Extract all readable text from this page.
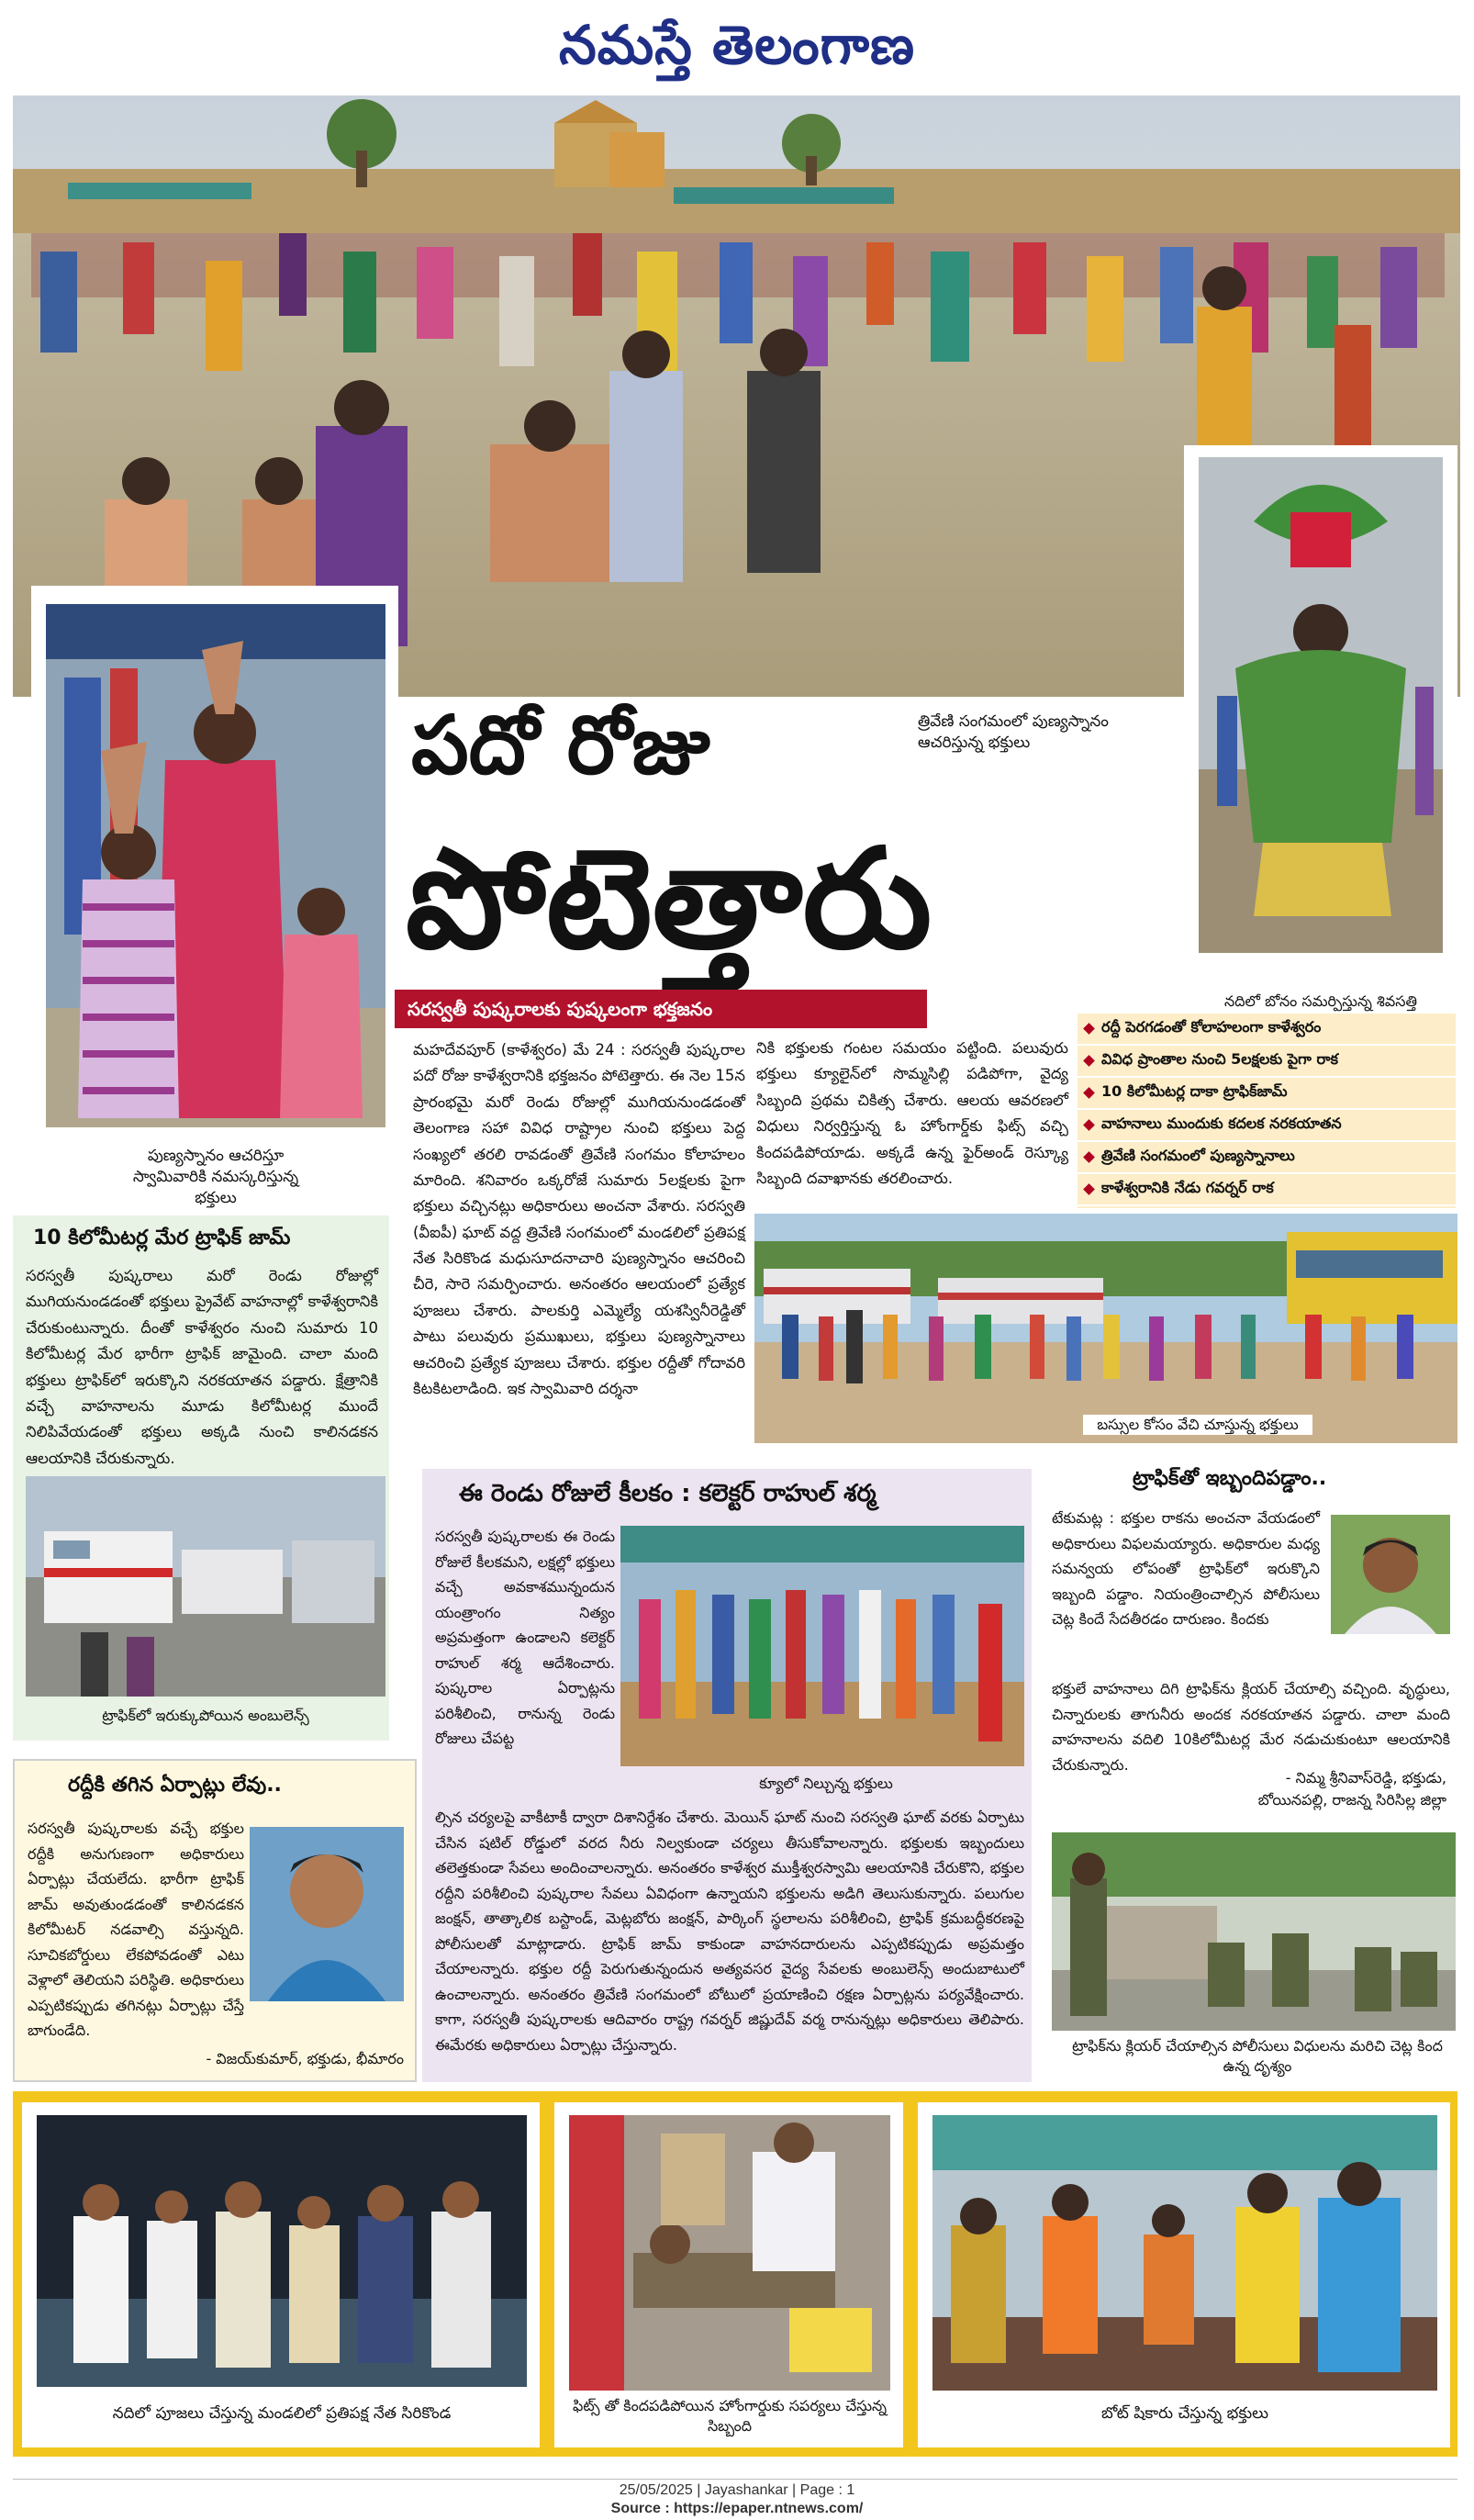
నమస్తే తెలంగాణ
పుణ్యస్నానం ఆచరిస్తూ స్వామివారికి నమస్కరిస్తున్న భక్తులు
నదిలో బోనం సమర్పిస్తున్న శివసత్తి
పదో రోజు	త్రివేణి సంగమంలో పుణ్యస్నానం ఆచరిస్తున్న భక్తులు
పోటెత్తారు
సరస్వతీ పుష్కరాలకు పుష్కలంగా భక్తజనం
రద్దీ పెరగడంతో కోలాహలంగా కాళేశ్వరం
వివిధ ప్రాంతాల నుంచి 5లక్షలకు పైగా రాక
10 కిలోమీటర్ల దాకా ట్రాఫిక్‌జామ్
వాహనాలు ముందుకు కదలక నరకయాతన
త్రివేణి సంగమంలో పుణ్యస్నానాలు
కాళేశ్వరానికి నేడు గవర్నర్ రాక
మహదేవపూర్ (కాళేశ్వరం) మే 24 : సరస్వతీ పుష్కరాల పదో రోజు కాళేశ్వరానికి భక్తజనం పోటెత్తారు. ఈ నెల 15న ప్రారంభమై మరో రెండు రోజుల్లో ముగియనుండడంతో తెలంగాణ సహా వివిధ రాష్ట్రాల నుంచి భక్తులు పెద్ద సంఖ్యలో తరలి రావడంతో త్రివేణి సంగమం కోలాహలం మారింది. శనివారం ఒక్కరోజే సుమారు 5లక్షలకు పైగా భక్తులు వచ్చినట్లు అధికారులు అంచనా వేశారు. సరస్వతి (వీఐపీ) ఘాట్ వద్ద త్రివేణి సంగమంలో మండలిలో ప్రతిపక్ష నేత సిరికొండ మధుసూదనాచారి పుణ్యస్నానం ఆచరించి చీరె, సారె సమర్పించారు. అనంతరం ఆలయంలో ప్రత్యేక పూజలు చేశారు. పాలకుర్తి ఎమ్మెల్యే యశస్వినీరెడ్డితో పాటు పలువురు ప్రముఖులు, భక్తులు పుణ్యస్నానాలు ఆచరించి ప్రత్యేక పూజలు చేశారు. భక్తుల రద్దీతో గోదావరి కిటకిటలాడింది. ఇక స్వామివారి దర్శనా
నికి భక్తులకు గంటల సమయం పట్టింది. పలువురు భక్తులు క్యూలైన్‌లో సొమ్మసిల్లి పడిపోగా, వైద్య సిబ్బంది ప్రథమ చికిత్స చేశారు. ఆలయ ఆవరణలో విధులు నిర్వర్తిస్తున్న ఓ హోంగార్డ్‌కు ఫిట్స్ వచ్చి కిందపడిపోయాడు. అక్కడే ఉన్న ఫైర్‌అండ్ రెస్క్యూ సిబ్బంది దవాఖానకు తరలించారు.
బస్సుల కోసం వేచి చూస్తున్న భక్తులు
10 కిలోమీటర్ల మేర ట్రాఫిక్ జామ్
సరస్వతీ పుష్కరాలు మరో రెండు రోజుల్లో ముగియనుండడంతో భక్తులు ప్రైవేట్ వాహనాల్లో కాళేశ్వరానికి చేరుకుంటున్నారు. దీంతో కాళేశ్వరం నుంచి సుమారు 10 కిలోమీటర్ల మేర భారీగా ట్రాఫిక్ జామైంది. చాలా మంది భక్తులు ట్రాఫిక్‌లో ఇరుక్కొని నరకయాతన పడ్డారు. క్షేత్రానికి వచ్చే వాహనాలను మూడు కిలోమీటర్ల ముందే నిలిపివేయడంతో భక్తులు అక్కడి నుంచి కాలినడకన ఆలయానికి చేరుకున్నారు.
ట్రాఫిక్‌లో ఇరుక్కుపోయిన అంబులెన్స్
రద్దీకి తగిన ఏర్పాట్లు లేవు..
సరస్వతీ పుష్కరాలకు వచ్చే భక్తుల రద్దీకి అనుగుణంగా అధికారులు ఏర్పాట్లు చేయలేదు. భారీగా ట్రాఫిక్ జామ్ అవుతుండడంతో కాలినడకన కిలోమీటర్ నడవాల్సి వస్తున్నది. సూచికబోర్డులు లేకపోవడంతో ఎటు వెళ్లాలో తెలియని పరిస్థితి. అధికారులు ఎప్పటికప్పుడు తగినట్లు ఏర్పాట్లు చేస్తే బాగుండేది.
- విజయ్‌కుమార్, భక్తుడు, భీమారం
ఈ రెండు రోజులే కీలకం : కలెక్టర్ రాహుల్ శర్మ
సరస్వతీ పుష్కరాలకు ఈ రెండు రోజులే కీలకమని, లక్షల్లో భక్తులు వచ్చే అవకాశమున్నందున యంత్రాంగం నిత్యం అప్రమత్తంగా ఉండాలని కలెక్టర్ రాహుల్ శర్మ ఆదేశించారు. పుష్కరాల ఏర్పాట్లను పరిశీలించి, రానున్న రెండు రోజులు చేపట్ట
క్యూలో నిల్చున్న భక్తులు
ల్సిన చర్యలపై వాకీటాకీ ద్వారా దిశానిర్దేశం చేశారు. మెయిన్ ఘాట్ నుంచి సరస్వతి ఘాట్ వరకు ఏర్పాటు చేసిన షటిల్ రోడ్డులో వరద నీరు నిల్వకుండా చర్యలు తీసుకోవాలన్నారు. భక్తులకు ఇబ్బందులు తలెత్తకుండా సేవలు అందించాలన్నారు. అనంతరం కాళేశ్వర ముక్తీశ్వరస్వామి ఆలయానికి చేరుకొని, భక్తుల రద్దీని పరిశీలించి పుష్కరాల సేవలు ఏవిధంగా ఉన్నాయని భక్తులను అడిగి తెలుసుకున్నారు. పలుగుల జంక్షన్, తాత్కాలిక బస్టాండ్, మెట్లబోరు జంక్షన్, పార్కింగ్ స్థలాలను పరిశీలించి, ట్రాఫిక్ క్రమబద్ధీకరణపై పోలీసులతో మాట్లాడారు. ట్రాఫిక్ జామ్ కాకుండా వాహనదారులను ఎప్పటికప్పుడు అప్రమత్తం చేయాలన్నారు. భక్తుల రద్దీ పెరుగుతున్నందున అత్యవసర వైద్య సేవలకు అంబులెన్స్ అందుబాటులో ఉంచాలన్నారు. అనంతరం త్రివేణి సంగమంలో బోటులో ప్రయాణించి రక్షణ ఏర్పాట్లను పర్యవేక్షించారు. కాగా, సరస్వతీ పుష్కరాలకు ఆదివారం రాష్ట్ర గవర్నర్ జిష్ణుదేవ్ వర్మ రానున్నట్లు అధికారులు తెలిపారు. ఈమేరకు అధికారులు ఏర్పాట్లు చేస్తున్నారు.
ట్రాఫిక్‌తో ఇబ్బందిపడ్డాం..
టేకుమట్ల : భక్తుల రాకను అంచనా వేయడంలో అధికారులు విఫలమయ్యారు. అధికారుల మధ్య సమన్వయ లోపంతో ట్రాఫిక్‌లో ఇరుక్కొని ఇబ్బంది పడ్డాం. నియంత్రించాల్సిన పోలీసులు చెట్ల కిందే సేదతీరడం దారుణం. కిందకు
భక్తులే వాహనాలు దిగి ట్రాఫిక్‌ను క్లియర్ చేయాల్సి వచ్చింది. వృద్ధులు, చిన్నారులకు తాగునీరు అందక నరకయాతన పడ్డారు. చాలా మంది వాహనాలను వదిలి 10కిలోమీటర్ల మేర నడుచుకుంటూ ఆలయానికి చేరుకున్నారు.
- నిమ్మ శ్రీనివాస్‌రెడ్డి, భక్తుడు,
బోయినపల్లి, రాజన్న సిరిసిల్ల జిల్లా
ట్రాఫిక్‌ను క్లియర్ చేయాల్సిన పోలీసులు విధులను మరిచి చెట్ల కింద ఉన్న దృశ్యం
నదిలో పూజలు చేస్తున్న మండలిలో ప్రతిపక్ష నేత సిరికొండ	ఫిట్స్ తో కిందపడిపోయిన హోంగార్డుకు సపర్యలు చేస్తున్న సిబ్బంది
బోట్ షికారు చేస్తున్న భక్తులు
25/05/2025 | Jayashankar | Page : 1
Source : https://epaper.ntnews.com/
